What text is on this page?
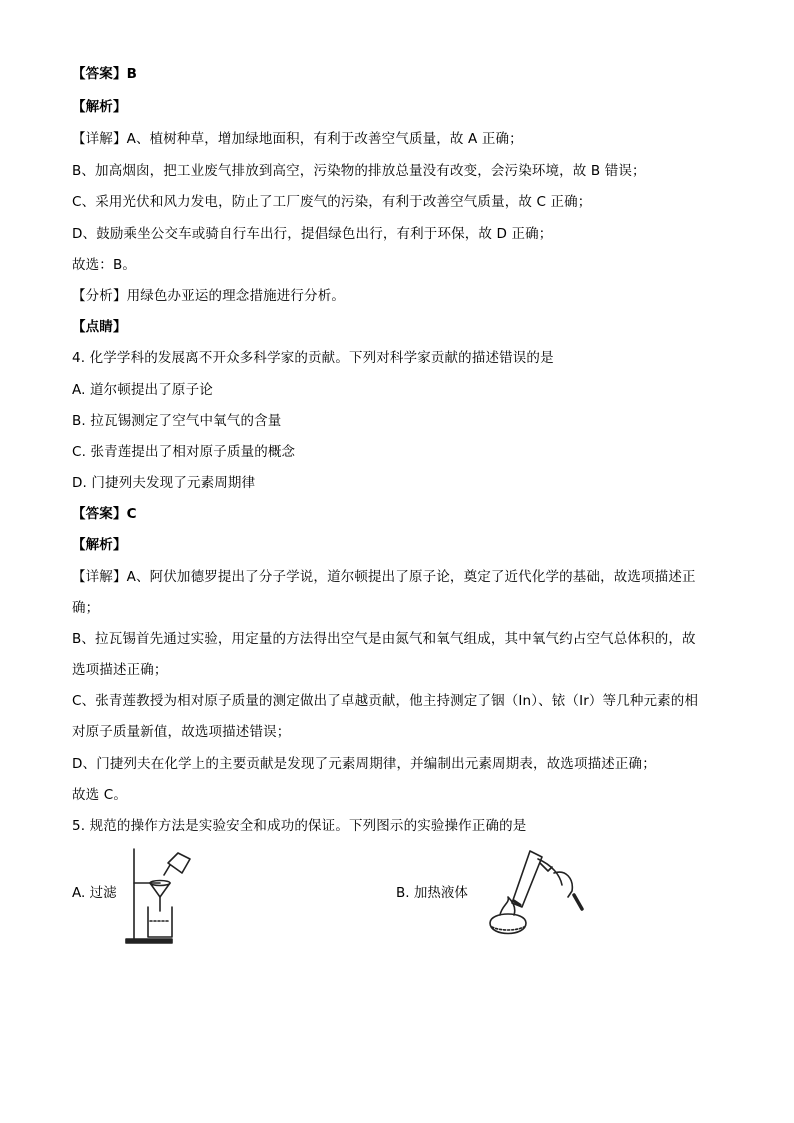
【答案】B

【解析】

【详解】A、植树种草，增加绿地面积，有利于改善空气质量，故 A 正确；

B、加高烟囱，把工业废气排放到高空，污染物的排放总量没有改变，会污染环境，故 B 错误；

C、采用光伏和风力发电，防止了工厂废气的污染，有利于改善空气质量，故 C 正确；

D、鼓励乘坐公交车或骑自行车出行，提倡绿色出行，有利于环保，故 D 正确；

故选：B。

【分析】用绿色办亚运的理念措施进行分析。

【点睛】

4. 化学学科的发展离不开众多科学家的贡献。下列对科学家贡献的描述错误的是

A. 道尔顿提出了原子论

B. 拉瓦锡测定了空气中氧气的含量

C. 张青莲提出了相对原子质量的概念

D. 门捷列夫发现了元素周期律

【答案】C

【解析】

【详解】A、阿伏加德罗提出了分子学说，道尔顿提出了原子论，奠定了近代化学的基础，故选项描述正

确；

B、拉瓦锡首先通过实验，用定量的方法得出空气是由氮气和氧气组成，其中氧气约占空气总体积的，故

选项描述正确；

C、张青莲教授为相对原子质量的测定做出了卓越贡献，他主持测定了铟（In）、铱（Ir）等几种元素的相

对原子质量新值，故选项描述错误；

D、门捷列夫在化学上的主要贡献是发现了元素周期律，并编制出元素周期表，故选项描述正确；

故选 C。

5. 规范的操作方法是实验安全和成功的保证。下列图示的实验操作正确的是

A. 过滤	B. 加热液体
